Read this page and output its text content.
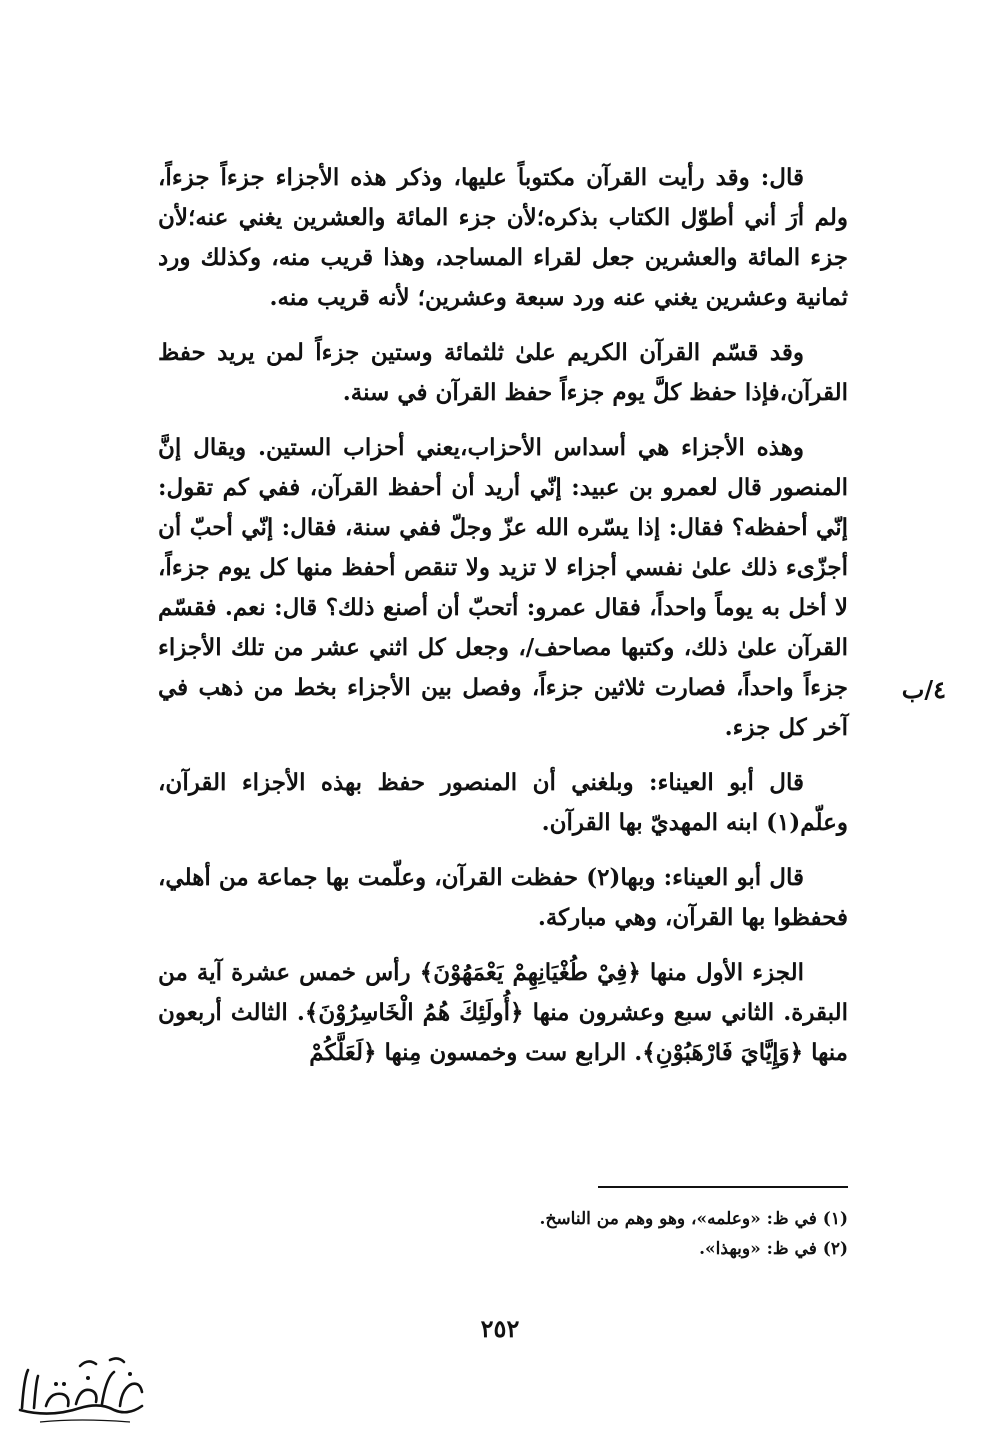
٤/ب

قال: وقد رأيت القرآن مكتوباً عليها، وذكر هذه الأجزاء جزءاً جزءاً، ولم أرَ أني أطوّل الكتاب بذكره؛لأن جزء المائة والعشرين يغني عنه؛لأن جزء المائة والعشرين جعل لقراء المساجد، وهذا قريب منه، وكذلك ورد ثمانية وعشرين يغني عنه ورد سبعة وعشرين؛ لأنه قريب منه.

وقد قسّم القرآن الكريم علىٰ ثلثمائة وستين جزءاً لمن يريد حفظ القرآن،فإذا حفظ كلَّ يوم جزءاً حفظ القرآن في سنة.

وهذه الأجزاء هي أسداس الأحزاب،يعني أحزاب الستين. ويقال إنَّ المنصور قال لعمرو بن عبيد: إنّي أريد أن أحفظ القرآن، ففي كم تقول: إنّي أحفظه؟ فقال: إذا يسّره الله عزّ وجلّ ففي سنة، فقال: إنّي أحبّ أن أجزّىء ذلك علىٰ نفسي أجزاء لا تزيد ولا تنقص أحفظ منها كل يوم جزءاً، لا أخل به يوماً واحداً، فقال عمرو: أتحبّ أن أصنع ذلك؟ قال: نعم. فقسّم القرآن علىٰ ذلك، وكتبها مصاحف/، وجعل كل اثني عشر من تلك الأجزاء جزءاً واحداً، فصارت ثلاثين جزءاً، وفصل بين الأجزاء بخط من ذهب في آخر كل جزء.

قال أبو العيناء: وبلغني أن المنصور حفظ بهذه الأجزاء القرآن، وعلّم(١) ابنه المهديّ بها القرآن.

قال أبو العيناء: وبها(٢) حفظت القرآن، وعلّمت بها جماعة من أهلي، فحفظوا بها القرآن، وهي مباركة.

الجزء الأول منها ﴿فِيْ طُغْيَانِهِمْ يَعْمَهُوْنَ﴾ رأس خمس عشرة آية من البقرة. الثاني سبع وعشرون منها ﴿أُولَئِكَ هُمُ الْخَاسِرُوْنَ﴾. الثالث أربعون منها ﴿وَإِيَّايَ فَارْهَبُوْنِ﴾. الرابع ست وخمسون مِنها ﴿لَعَلَّكُمْ

(١) في ظ: «وعلمه»، وهو وهم من الناسخ.

(٢) في ظ: «وبهذا».

٢٥٢
